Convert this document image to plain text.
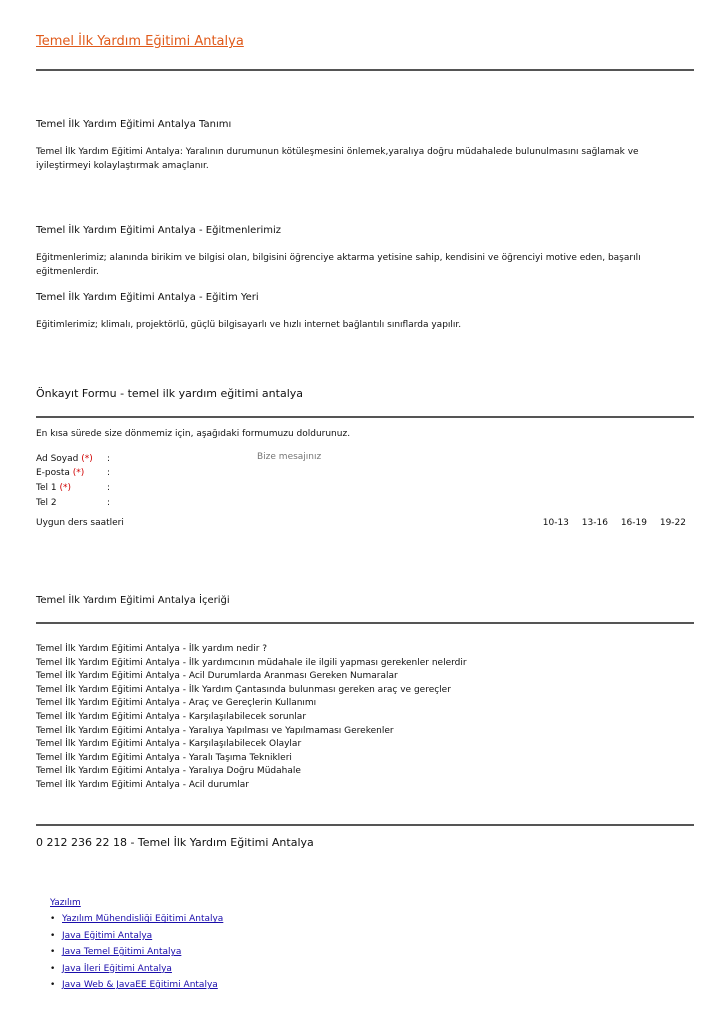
Temel İlk Yardım Eğitimi Antalya
Temel İlk Yardım Eğitimi Antalya Tanımı
Temel İlk Yardım Eğitimi Antalya: Yaralının durumunun kötüleşmesini önlemek,yaralıya doğru müdahalede bulunulmasını sağlamak ve iyileştirmeyi kolaylaştırmak amaçlanır.
Temel İlk Yardım Eğitimi Antalya - Eğitmenlerimiz
Eğitmenlerimiz; alanında birikim ve bilgisi olan, bilgisini öğrenciye aktarma yetisine sahip, kendisini ve öğrenciyi motive eden, başarılı eğitmenlerdir.
Temel İlk Yardım Eğitimi Antalya - Eğitim Yeri
Eğitimlerimiz; klimalı, projektörlü, güçlü bilgisayarlı ve hızlı internet bağlantılı sınıflarda yapılır.
Önkayıt Formu - temel ilk yardım eğitimi antalya
En kısa sürede size dönmemiz için, aşağıdaki formumuzu doldurunuz.
Ad Soyad (*) :
Bize mesajınız
E-posta (*)	:
Tel 1 (*)	:
Tel 2	:
Uygun ders saatleri	10-13 13-16 16-19 19-22
Temel İlk Yardım Eğitimi Antalya İçeriği
Temel İlk Yardım Eğitimi Antalya - İlk yardım nedir ?
Temel İlk Yardım Eğitimi Antalya - İlk yardımcının müdahale ile ilgili yapması gerekenler nelerdir
Temel İlk Yardım Eğitimi Antalya - Acil Durumlarda Aranması Gereken Numaralar
Temel İlk Yardım Eğitimi Antalya - İlk Yardım Çantasında bulunması gereken araç ve gereçler
Temel İlk Yardım Eğitimi Antalya - Araç ve Gereçlerin Kullanımı
Temel İlk Yardım Eğitimi Antalya - Karşılaşılabilecek sorunlar
Temel İlk Yardım Eğitimi Antalya - Yaralıya Yapılması ve Yapılmaması Gerekenler
Temel İlk Yardım Eğitimi Antalya - Karşılaşılabilecek Olaylar
Temel İlk Yardım Eğitimi Antalya - Yaralı Taşıma Teknikleri
Temel İlk Yardım Eğitimi Antalya - Yaralıya Doğru Müdahale
Temel İlk Yardım Eğitimi Antalya - Acil durumlar
0 212 236 22 18 - Temel İlk Yardım Eğitimi Antalya
Yazılım
• Yazılım Mühendisliği Eğitimi Antalya
• Java Eğitimi Antalya
• Java Temel Eğitimi Antalya
• Java İleri Eğitimi Antalya
• Java Web & JavaEE Eğitimi Antalya
